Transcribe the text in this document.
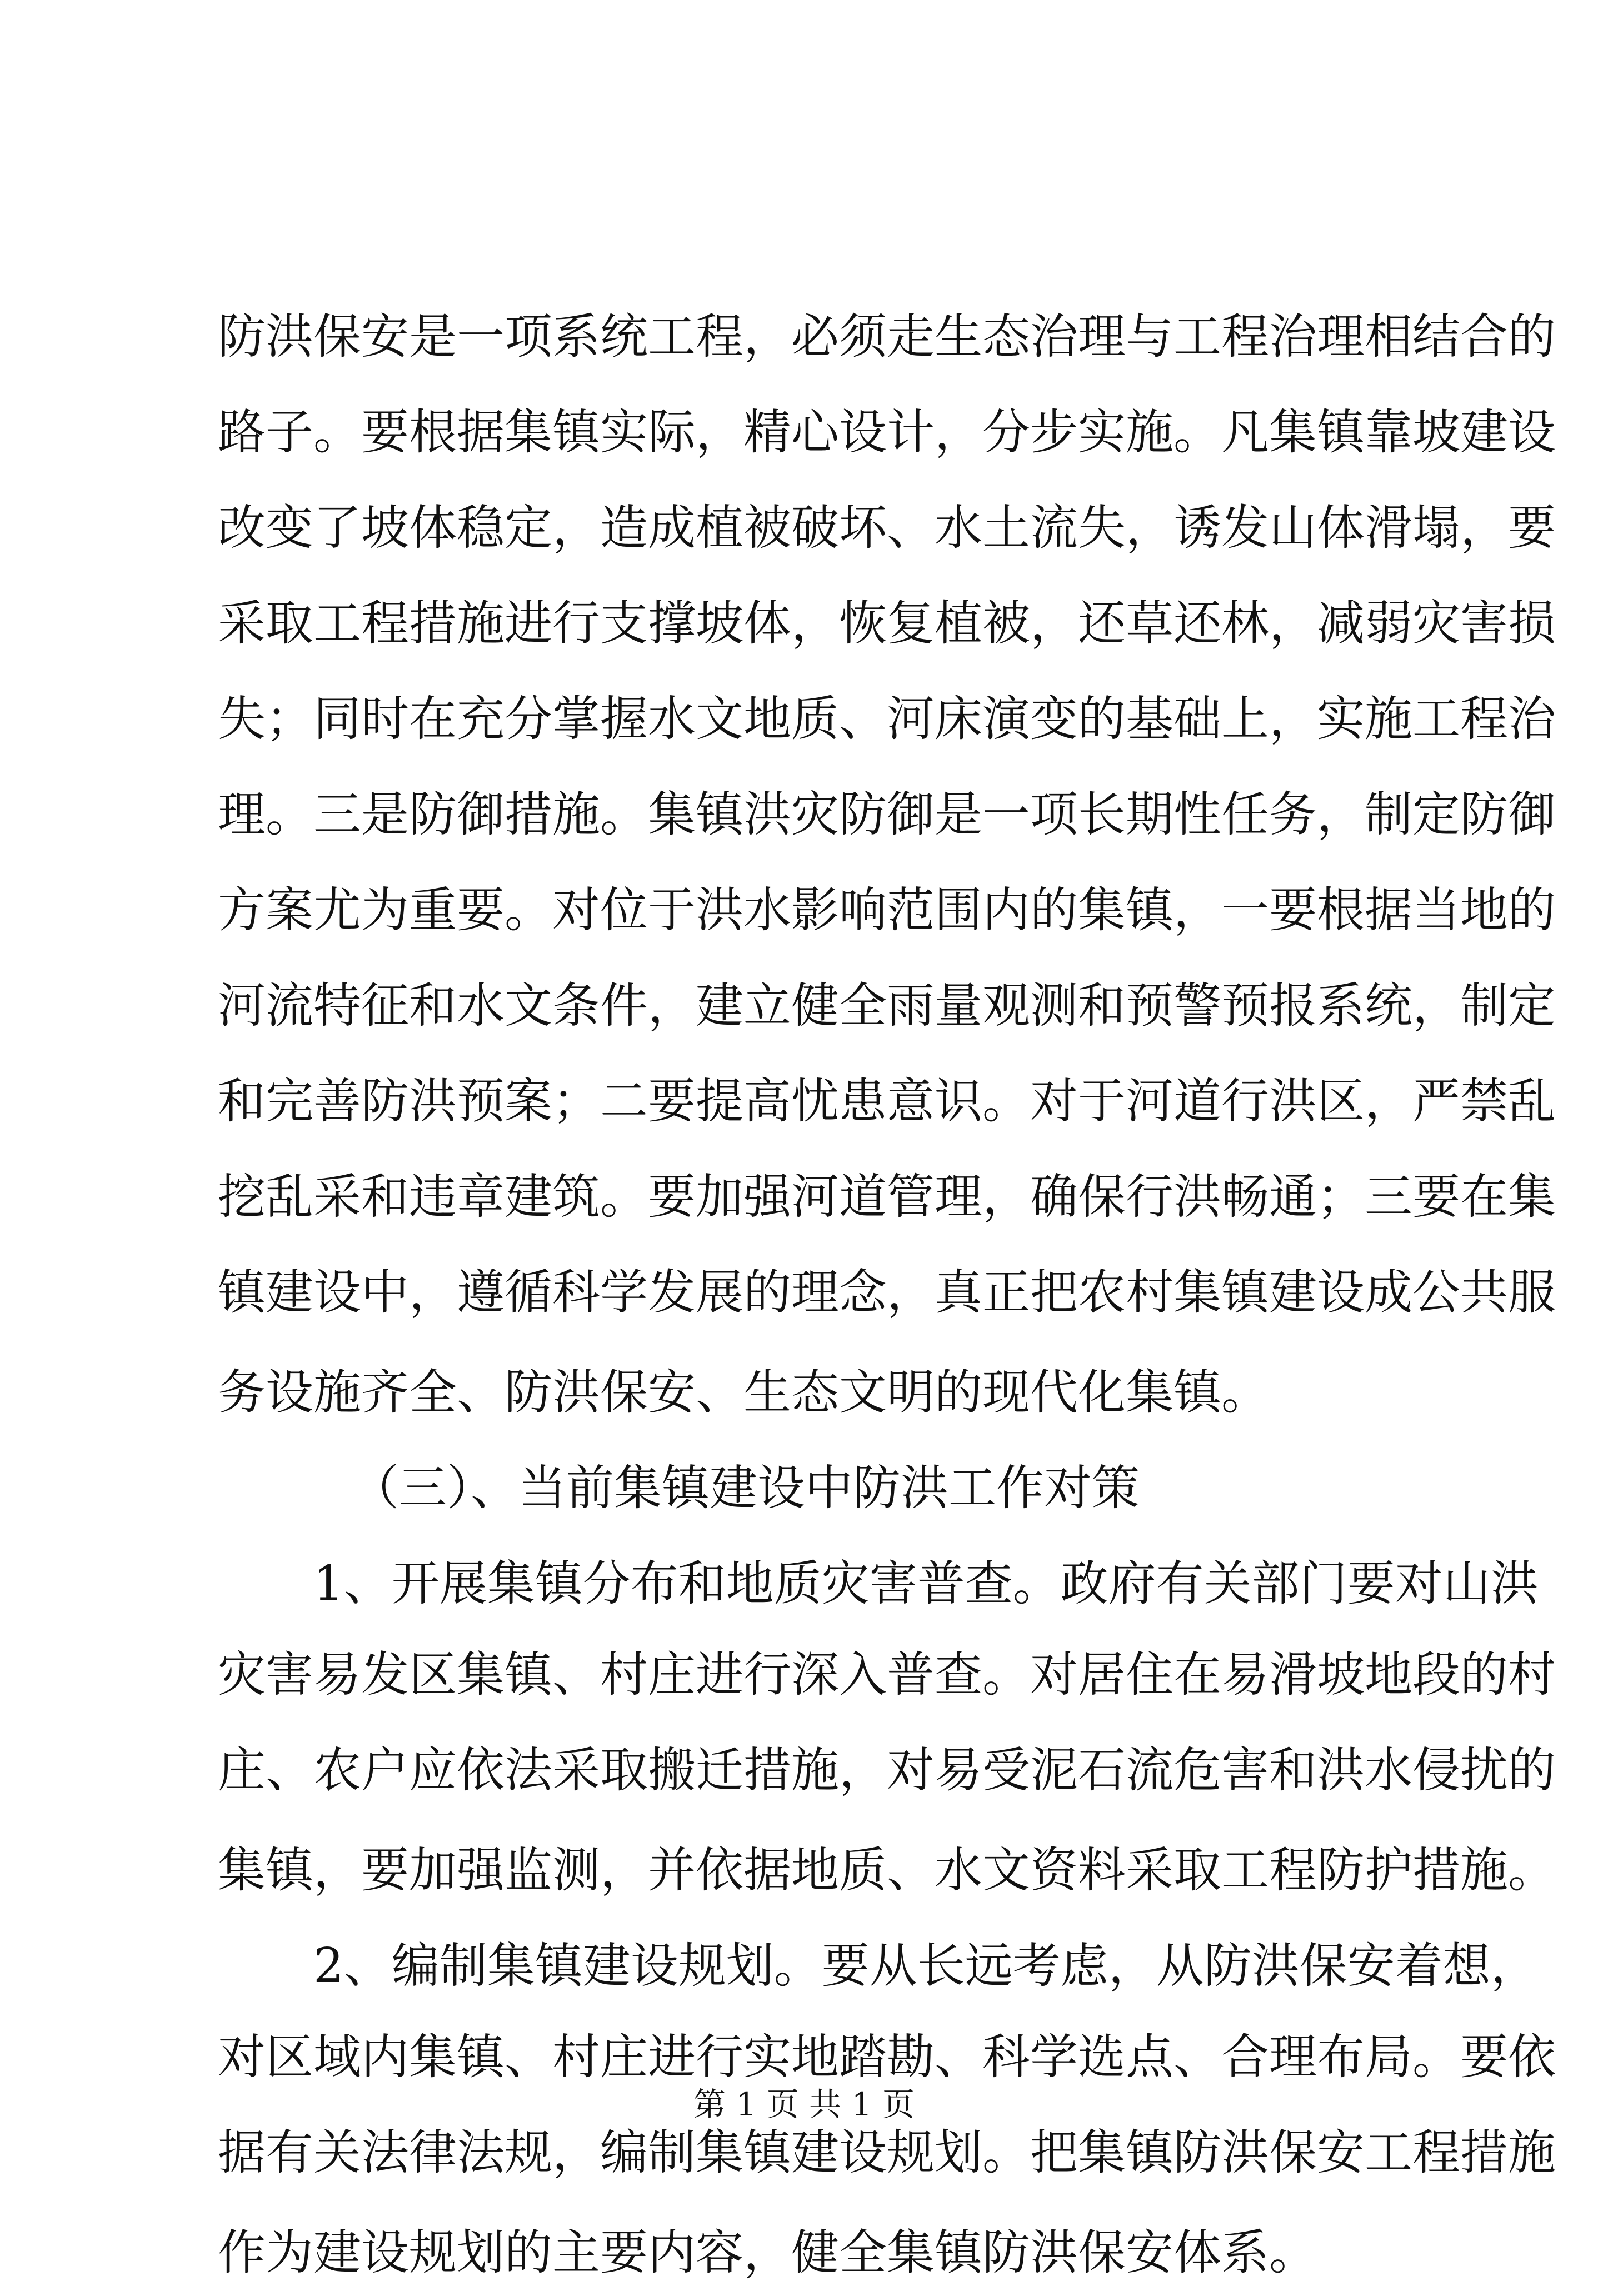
防洪保安是一项系统工程，必须走生态治理与工程治理相结合的
路子。要根据集镇实际，精心设计，分步实施。凡集镇靠坡建设
改变了坡体稳定，造成植被破坏、水土流失，诱发山体滑塌，要
采取工程措施进行支撑坡体，恢复植被，还草还林，减弱灾害损
失；同时在充分掌握水文地质、河床演变的基础上，实施工程治
理。三是防御措施。集镇洪灾防御是一项长期性任务，制定防御
方案尤为重要。对位于洪水影响范围内的集镇，一要根据当地的
河流特征和水文条件，建立健全雨量观测和预警预报系统，制定
和完善防洪预案；二要提高忧患意识。对于河道行洪区，严禁乱
挖乱采和违章建筑。要加强河道管理，确保行洪畅通；三要在集
镇建设中，遵循科学发展的理念，真正把农村集镇建设成公共服
务设施齐全、防洪保安、生态文明的现代化集镇。
（三）、当前集镇建设中防洪工作对策
1、开展集镇分布和地质灾害普查。政府有关部门要对山洪
灾害易发区集镇、村庄进行深入普查。对居住在易滑坡地段的村
庄、农户应依法采取搬迁措施，对易受泥石流危害和洪水侵扰的
集镇，要加强监测，并依据地质、水文资料采取工程防护措施。
2、编制集镇建设规划。要从长远考虑，从防洪保安着想，
对区域内集镇、村庄进行实地踏勘、科学选点、合理布局。要依
据有关法律法规，编制集镇建设规划。把集镇防洪保安工程措施
作为建设规划的主要内容，健全集镇防洪保安体系。
第 1 页 共 1 页
